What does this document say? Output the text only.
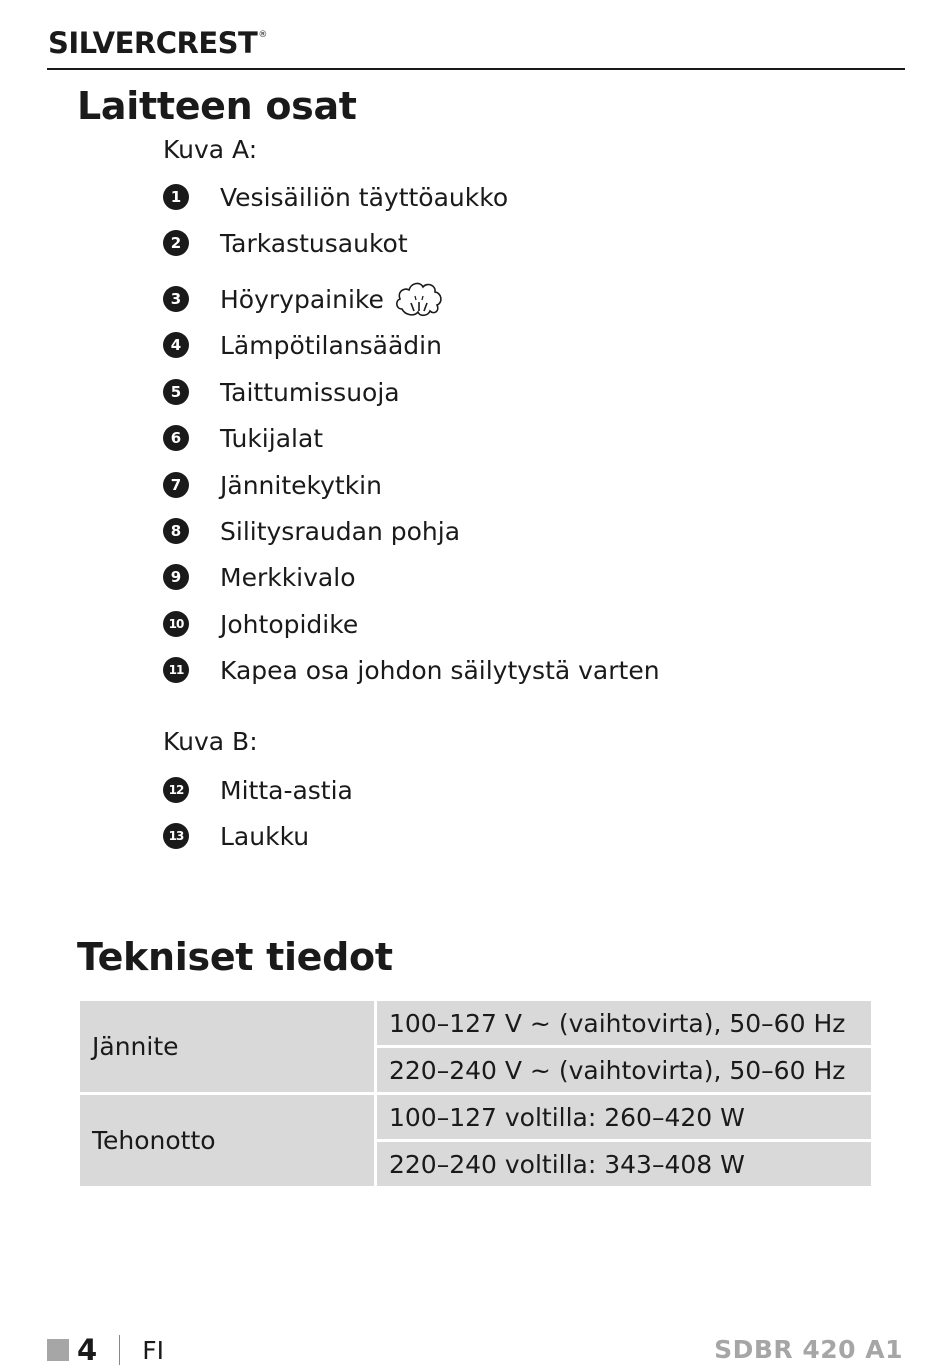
SILVERCREST®
Laitteen osat
Kuva A:
1	Vesisäiliön täyttöaukko
2	Tarkastusaukot
3	Höyrypainike
4	Lämpötilansäädin
5	Taittumissuoja
6	Tukijalat
7	Jännitekytkin
8	Silitysraudan pohja
9	Merkkivalo
10 Johtopidike
11 Kapea osa johdon säilytystä varten
Kuva B:
12 Mitta-astia
13 Laukku
Tekniset tiedot
Jännite	100–127 V ~ (vaihtovirta), 50–60 Hz
	220–240 V ~ (vaihtovirta), 50–60 Hz
Tehonotto	100–127 voltilla: 260–420 W
	220–240 voltilla: 343–408 W
4 FI	SDBR 420 A1
